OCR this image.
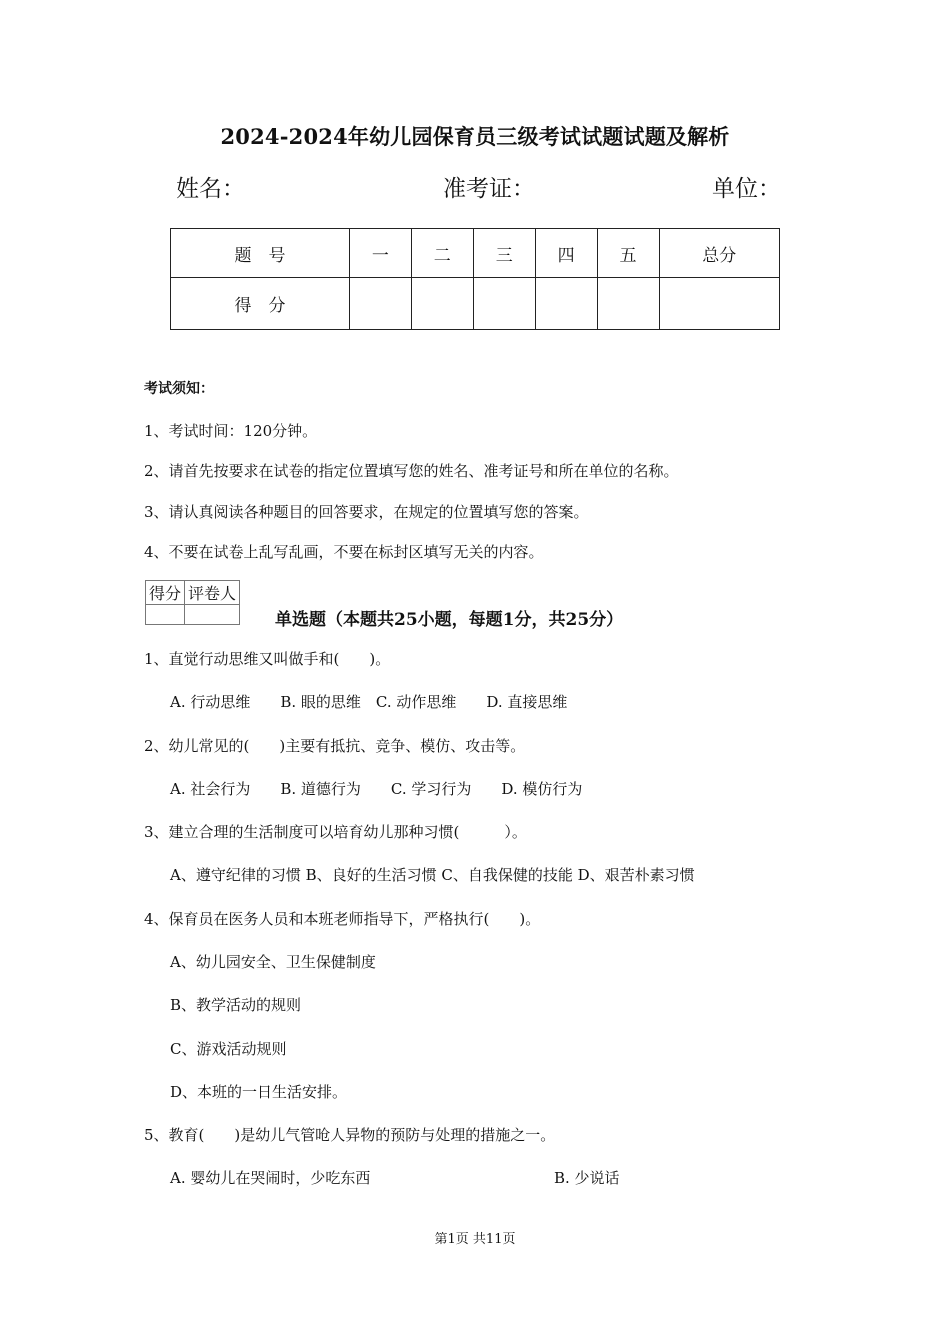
2024-2024年幼儿园保育员三级考试试题试题及解析
姓名：	准考证：	单位：
题　号	一	二	三	四	五	总分
得　分						
考试须知：
1、考试时间：120分钟。
2、请首先按要求在试卷的指定位置填写您的姓名、准考证号和所在单位的名称。
3、请认真阅读各种题目的回答要求，在规定的位置填写您的答案。
4、不要在试卷上乱写乱画，不要在标封区填写无关的内容。
得分	评卷人

单选题（本题共25小题，每题1分，共25分）
1、直觉行动思维又叫做手和(　　)。
A. 行动思维　　B. 眼的思维　C. 动作思维　　D. 直接思维
2、幼儿常见的(　　)主要有抵抗、竞争、模仿、攻击等。
A. 社会行为　　B. 道德行为　　C. 学习行为　　D. 模仿行为
3、建立合理的生活制度可以培育幼儿那种习惯(　　　）。
A、遵守纪律的习惯 B、良好的生活习惯 C、自我保健的技能 D、艰苦朴素习惯
4、保育员在医务人员和本班老师指导下，严格执行(　　)。
A、幼儿园安全、卫生保健制度
B、教学活动的规则
C、游戏活动规则
D、本班的一日生活安排。
5、教育(　　)是幼儿气管呛人异物的预防与处理的措施之一。
A. 婴幼儿在哭闹时，少吃东西	B. 少说话
第1页 共11页
